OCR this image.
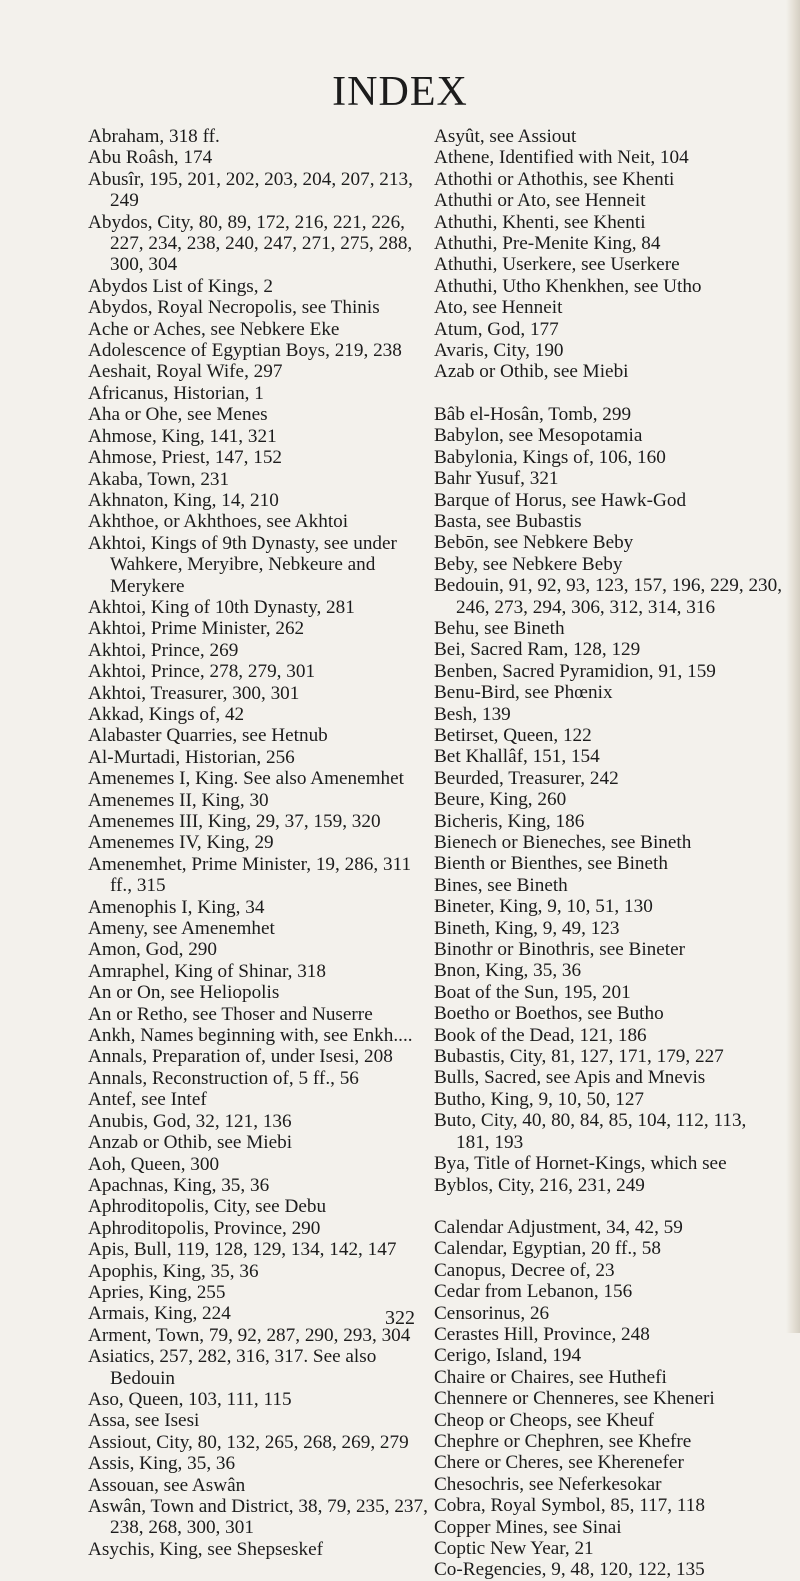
INDEX

Abraham, 318 ff.

Abu Roâsh, 174

Abusîr, 195, 201, 202, 203, 204, 207, 213, 249

Abydos, City, 80, 89, 172, 216, 221, 226, 227, 234, 238, 240, 247, 271, 275, 288, 300, 304

Abydos List of Kings, 2

Abydos, Royal Necropolis, see Thinis

Ache or Aches, see Nebkere Eke

Adolescence of Egyptian Boys, 219, 238

Aeshait, Royal Wife, 297

Africanus, Historian, 1

Aha or Ohe, see Menes

Ahmose, King, 141, 321

Ahmose, Priest, 147, 152

Akaba, Town, 231

Akhnaton, King, 14, 210

Akhthoe, or Akhthoes, see Akhtoi

Akhtoi, Kings of 9th Dynasty, see under Wahkere, Meryibre, Nebkeure and Merykere

Akhtoi, King of 10th Dynasty, 281

Akhtoi, Prime Minister, 262

Akhtoi, Prince, 269

Akhtoi, Prince, 278, 279, 301

Akhtoi, Treasurer, 300, 301

Akkad, Kings of, 42

Alabaster Quarries, see Hetnub

Al-Murtadi, Historian, 256

Amenemes I, King. See also Amenemhet

Amenemes II, King, 30

Amenemes III, King, 29, 37, 159, 320

Amenemes IV, King, 29

Amenemhet, Prime Minister, 19, 286, 311 ff., 315

Amenophis I, King, 34

Ameny, see Amenemhet

Amon, God, 290

Amraphel, King of Shinar, 318

An or On, see Heliopolis

An or Retho, see Thoser and Nuserre

Ankh, Names beginning with, see Enkh....

Annals, Preparation of, under Isesi, 208

Annals, Reconstruction of, 5 ff., 56

Antef, see Intef

Anubis, God, 32, 121, 136

Anzab or Othib, see Miebi

Aoh, Queen, 300

Apachnas, King, 35, 36

Aphroditopolis, City, see Debu

Aphroditopolis, Province, 290

Apis, Bull, 119, 128, 129, 134, 142, 147

Apophis, King, 35, 36

Apries, King, 255

Armais, King, 224

Arment, Town, 79, 92, 287, 290, 293, 304

Asiatics, 257, 282, 316, 317. See also Bedouin

Aso, Queen, 103, 111, 115

Assa, see Isesi

Assiout, City, 80, 132, 265, 268, 269, 279

Assis, King, 35, 36

Assouan, see Aswân

Aswân, Town and District, 38, 79, 235, 237, 238, 268, 300, 301

Asychis, King, see Shepseskef

Asyût, see Assiout

Athene, Identified with Neit, 104

Athothi or Athothis, see Khenti

Athuthi or Ato, see Henneit

Athuthi, Khenti, see Khenti

Athuthi, Pre-Menite King, 84

Athuthi, Userkere, see Userkere

Athuthi, Utho Khenkhen, see Utho

Ato, see Henneit

Atum, God, 177

Avaris, City, 190

Azab or Othib, see Miebi

Bâb el-Hosân, Tomb, 299

Babylon, see Mesopotamia

Babylonia, Kings of, 106, 160

Bahr Yusuf, 321

Barque of Horus, see Hawk-God

Basta, see Bubastis

Bebōn, see Nebkere Beby

Beby, see Nebkere Beby

Bedouin, 91, 92, 93, 123, 157, 196, 229, 230, 246, 273, 294, 306, 312, 314, 316

Behu, see Bineth

Bei, Sacred Ram, 128, 129

Benben, Sacred Pyramidion, 91, 159

Benu-Bird, see Phœnix

Besh, 139

Betirset, Queen, 122

Bet Khallâf, 151, 154

Beurded, Treasurer, 242

Beure, King, 260

Bicheris, King, 186

Bienech or Bieneches, see Bineth

Bienth or Bienthes, see Bineth

Bines, see Bineth

Bineter, King, 9, 10, 51, 130

Bineth, King, 9, 49, 123

Binothr or Binothris, see Bineter

Bnon, King, 35, 36

Boat of the Sun, 195, 201

Boetho or Boethos, see Butho

Book of the Dead, 121, 186

Bubastis, City, 81, 127, 171, 179, 227

Bulls, Sacred, see Apis and Mnevis

Butho, King, 9, 10, 50, 127

Buto, City, 40, 80, 84, 85, 104, 112, 113, 181, 193

Bya, Title of Hornet-Kings, which see

Byblos, City, 216, 231, 249

Calendar Adjustment, 34, 42, 59

Calendar, Egyptian, 20 ff., 58

Canopus, Decree of, 23

Cedar from Lebanon, 156

Censorinus, 26

Cerastes Hill, Province, 248

Cerigo, Island, 194

Chaire or Chaires, see Huthefi

Chennere or Chenneres, see Kheneri

Cheop or Cheops, see Kheuf

Chephre or Chephren, see Khefre

Chere or Cheres, see Kherenefer

Chesochris, see Neferkesokar

Cobra, Royal Symbol, 85, 117, 118

Copper Mines, see Sinai

Coptic New Year, 21

Co-Regencies, 9, 48, 120, 122, 135

322
